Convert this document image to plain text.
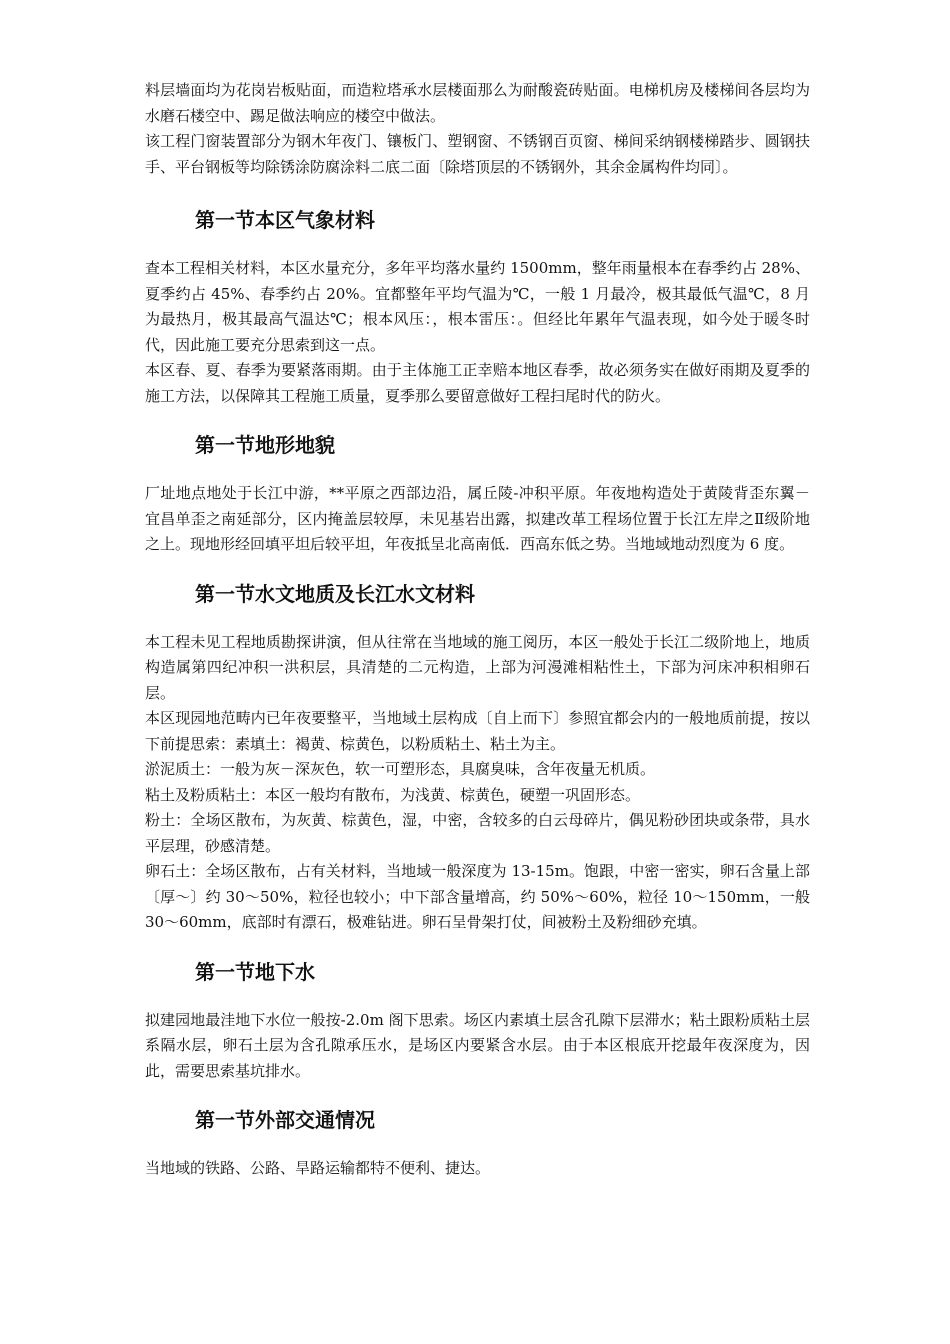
料层墙面均为花岗岩板贴面，而造粒塔承水层楼面那么为耐酸瓷砖贴面。电梯机房及楼梯间各层均为水磨石楼空中、踢足做法响应的楼空中做法。

该工程门窗装置部分为钢木年夜门、镶板门、塑钢窗、不锈钢百页窗、梯间采纳钢楼梯踏步、圆钢扶手、平台钢板等均除锈涂防腐涂料二底二面〔除塔顶层的不锈钢外，其余金属构件均同〕。

第一节本区气象材料

查本工程相关材料，本区水量充分，多年平均落水量约 1500mm，整年雨量根本在春季约占 28%、夏季约占 45%、春季约占 20%。宜都整年平均气温为℃，一般 1 月最冷，极其最低气温℃，8 月为最热月，极其最高气温达℃；根本风压：，根本雷压：。但经比年累年气温表现，如今处于暖冬时代，因此施工要充分思索到这一点。

本区春、夏、春季为要紧落雨期。由于主体施工正幸赔本地区春季，故必须务实在做好雨期及夏季的施工方法，以保障其工程施工质量，夏季那么要留意做好工程扫尾时代的防火。

第一节地形地貌

厂址地点地处于长江中游，**平原之西部边沿，属丘陵-冲积平原。年夜地构造处于黄陵背歪东翼－宜昌单歪之南延部分，区内掩盖层较厚，未见基岩出露，拟建改革工程场位置于长江左岸之Ⅱ级阶地之上。现地形经回填平坦后较平坦，年夜抵呈北高南低．西高东低之势。当地域地动烈度为 6 度。

第一节水文地质及长江水文材料

本工程未见工程地质勘探讲演，但从往常在当地域的施工阅历，本区一般处于长江二级阶地上，地质构造属第四纪冲积一洪积层，具清楚的二元构造，上部为河漫滩相粘性土，下部为河床冲积相卵石层。

本区现园地范畴内已年夜要整平，当地域土层构成〔自上而下〕参照宜都会内的一般地质前提，按以下前提思索：素填土：褐黄、棕黄色，以粉质粘土、粘土为主。

淤泥质土：一般为灰－深灰色，软一可塑形态，具腐臭味，含年夜量无机质。

粘土及粉质粘土：本区一般均有散布，为浅黄、棕黄色，硬塑一巩固形态。

粉土：全场区散布，为灰黄、棕黄色，湿，中密，含较多的白云母碎片，偶见粉砂团块或条带，具水平层理，砂感清楚。

卵石土：全场区散布，占有关材料，当地域一般深度为 13-15m。饱跟，中密一密实，卵石含量上部〔厚～〕约 30～50%，粒径也较小；中下部含量增高，约 50%～60%，粒径 10～150mm，一般 30～60mm，底部时有漂石，极难钻进。卵石呈骨架打仗，间被粉土及粉细砂充填。

第一节地下水

拟建园地最洼地下水位一般按-2.0m 阁下思索。场区内素填土层含孔隙下层滞水；粘土跟粉质粘土层系隔水层，卵石土层为含孔隙承压水，是场区内要紧含水层。由于本区根底开挖最年夜深度为，因此，需要思索基坑排水。

第一节外部交通情况

当地域的铁路、公路、旱路运输都特不便利、捷达。
